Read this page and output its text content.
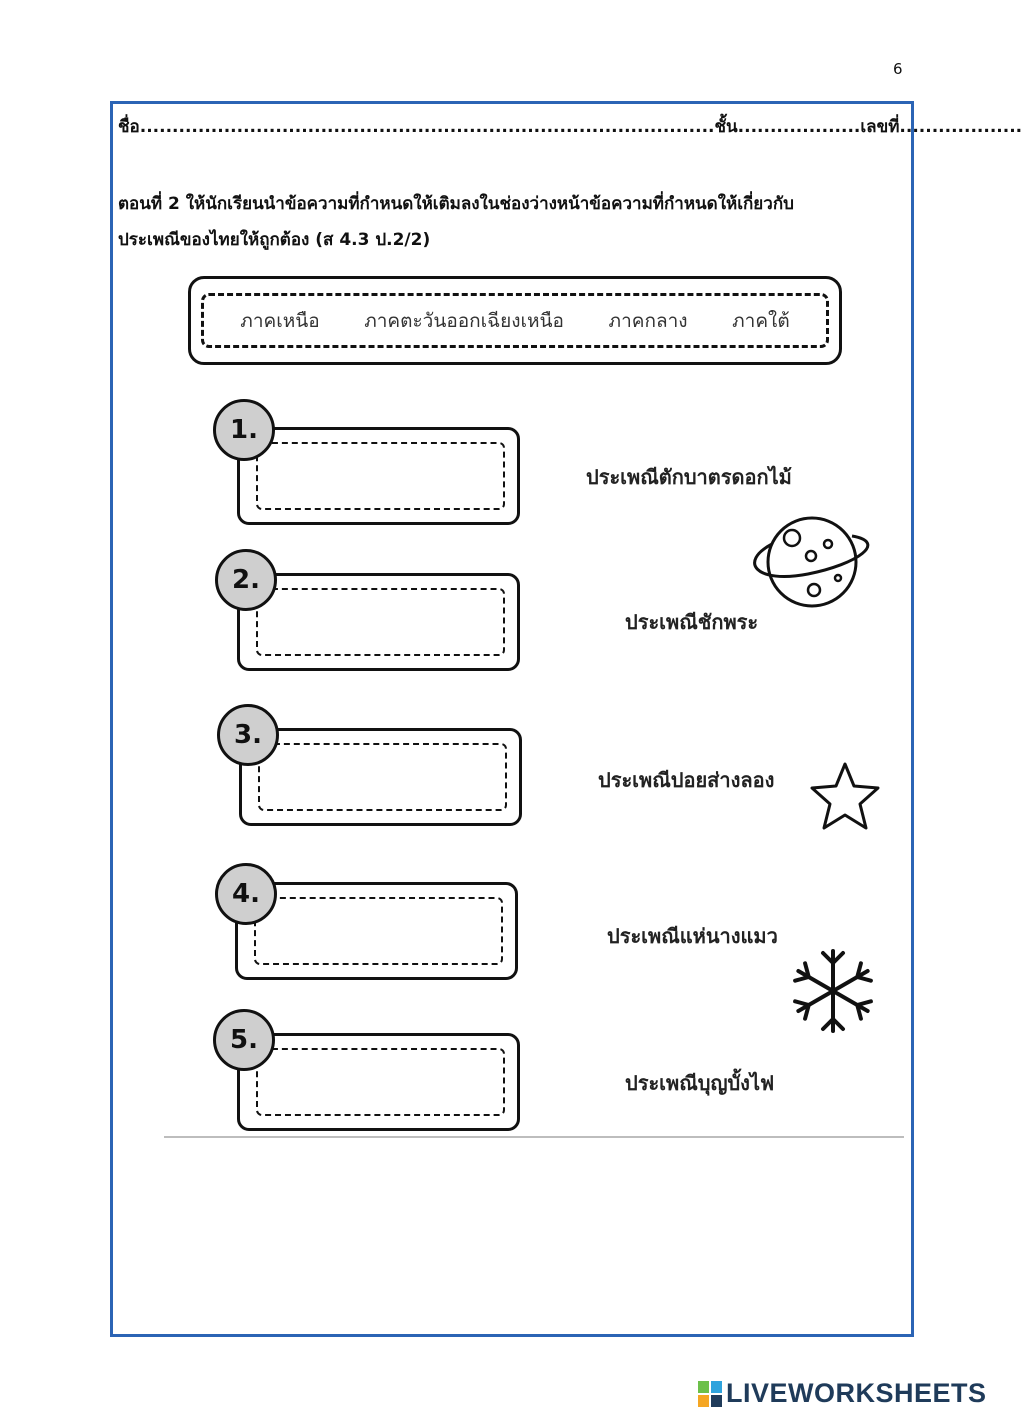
6
ชื่อ.........................................................................................ชั้น...................เลขที่...................
ตอนที่ 2 ให้นักเรียนนำข้อความที่กำหนดให้เติมลงในช่องว่างหน้าข้อความที่กำหนดให้เกี่ยวกับ
ประเพณีของไทยให้ถูกต้อง (ส 4.3 ป.2/2)
ภาคเหนือ ภาคตะวันออกเฉียงเหนือ ภาคกลาง ภาคใต้
1.
ประเพณีตักบาตรดอกไม้
2.
ประเพณีชักพระ
3.
ประเพณีปอยส่างลอง
4.
ประเพณีแห่นางแมว
5.
ประเพณีบุญบั้งไฟ
LIVEWORKSHEETS
